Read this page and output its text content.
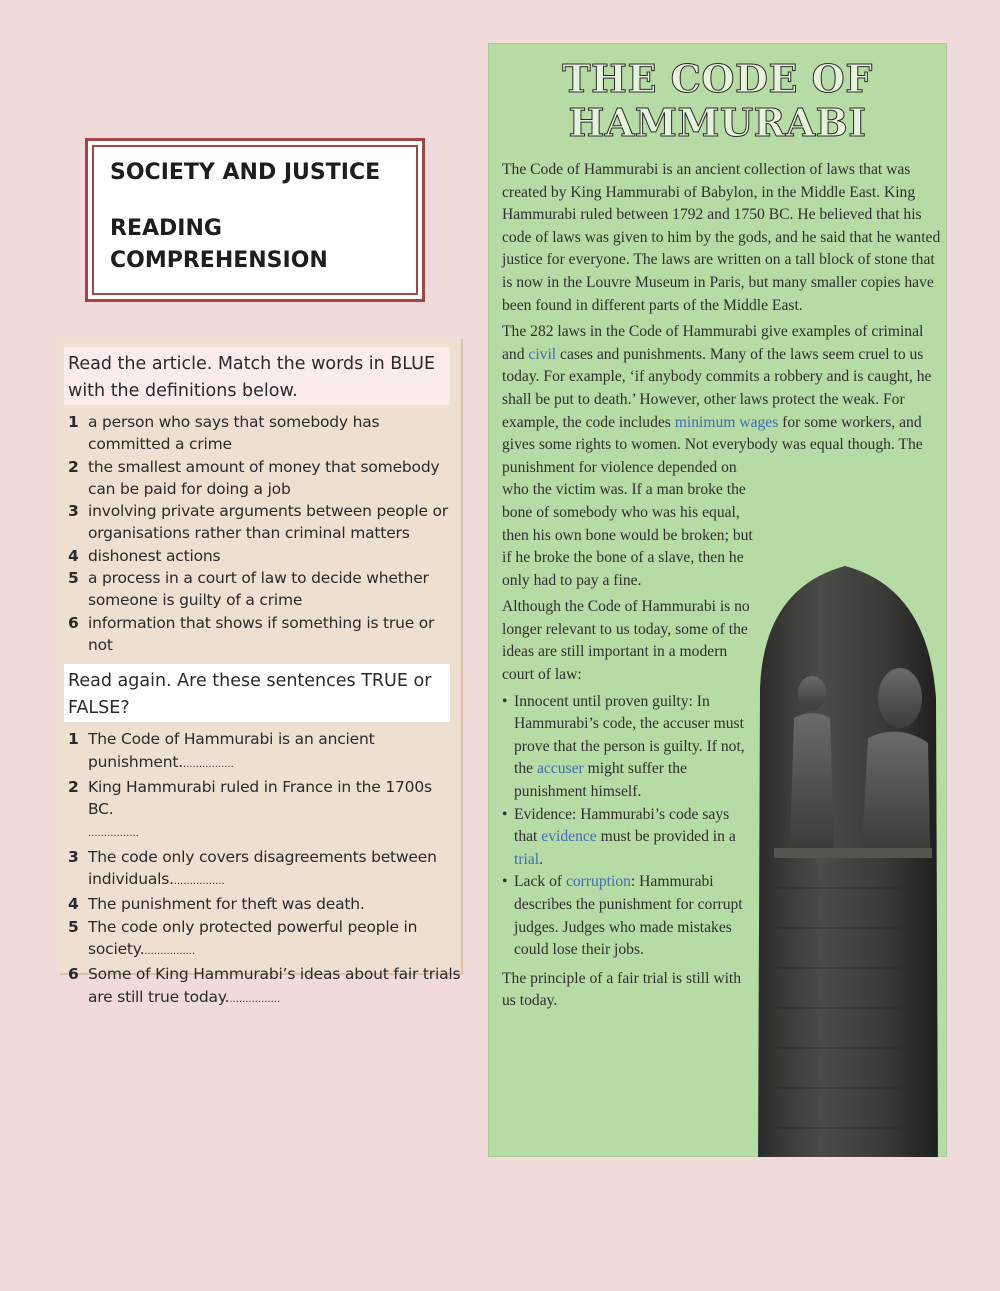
SOCIETY AND JUSTICE
READING
COMPREHENSION
Read the article. Match the words in BLUE with the definitions below.
1 a person who says that somebody has committed a crime
2 the smallest amount of money that somebody can be paid for doing a job
3 involving private arguments between people or organisations rather than criminal matters
4 dishonest actions
5 a process in a court of law to decide whether someone is guilty of a crime
6 information that shows if something is true or not
Read again. Are these sentences TRUE or FALSE?
1 The Code of Hammurabi is an ancient punishment.................
2 King Hammurabi ruled in France in the 1700s BC.
................
3 The code only covers disagreements between individuals.................
4 The punishment for theft was death.
5 The code only protected powerful people in society.................
6 Some of King Hammurabi’s ideas about fair trials are still true today.................
THE CODE OF
HAMMURABI

The Code of Hammurabi is an ancient collection of laws that was created by King Hammurabi of Babylon, in the Middle East. King Hammurabi ruled between 1792 and 1750 BC. He believed that his code of laws was given to him by the gods, and he said that he wanted justice for everyone. The laws are written on a tall block of stone that is now in the Louvre Museum in Paris, but many smaller copies have been found in different parts of the Middle East.

The 282 laws in the Code of Hammurabi give examples of criminal and civil cases and punishments. Many of the laws seem cruel to us today. For example, ‘if anybody commits a robbery and is caught, he shall be put to death.’ However, other laws protect the weak. For example, the code includes minimum wages for some workers, and gives some rights to women. Not everybody was equal though. The

punishment for violence depended on who the victim was. If a man broke the bone of somebody who was his equal, then his own bone would be broken; but if he broke the bone of a slave, then he only had to pay a fine.

Although the Code of Hammurabi is no longer relevant to us today, some of the ideas are still important in a modern court of law:

• Innocent until proven guilty: In Hammurabi’s code, the accuser must prove that the person is guilty. If not, the accuser might suffer the punishment himself.
• Evidence: Hammurabi’s code says that evidence must be provided in a trial.
• Lack of corruption: Hammurabi describes the punishment for corrupt judges. Judges who made mistakes could lose their jobs.

The principle of a fair trial is still with us today.
